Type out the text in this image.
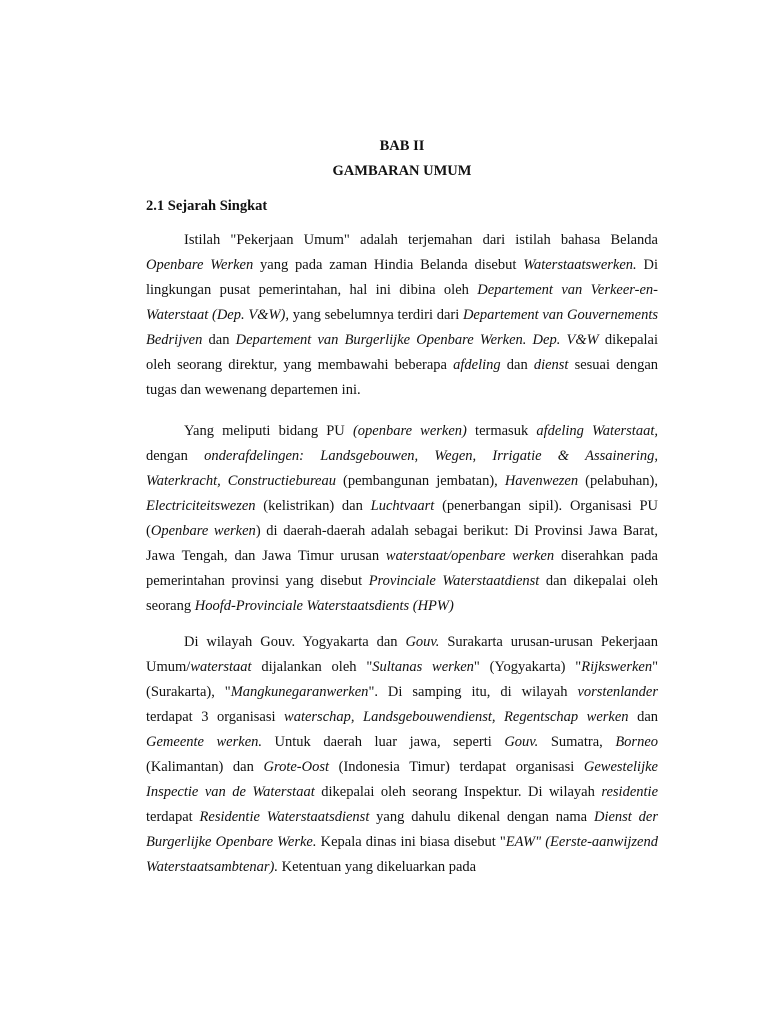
BAB II

GAMBARAN UMUM

2.1 Sejarah Singkat

Istilah "Pekerjaan Umum" adalah terjemahan dari istilah bahasa Belanda Openbare Werken yang pada zaman Hindia Belanda disebut Waterstaatswerken. Di lingkungan pusat pemerintahan, hal ini dibina oleh Departement van Verkeer-en-Waterstaat (Dep. V&W), yang sebelumnya terdiri dari Departement van Gouvernements Bedrijven dan Departement van Burgerlijke Openbare Werken. Dep. V&W dikepalai oleh seorang direktur, yang membawahi beberapa afdeling dan dienst sesuai dengan tugas dan wewenang departemen ini.

Yang meliputi bidang PU (openbare werken) termasuk afdeling Waterstaat, dengan onderafdelingen: Landsgebouwen, Wegen, Irrigatie & Assainering, Waterkracht, Constructiebureau (pembangunan jembatan), Havenwezen (pelabuhan), Electriciteitswezen (kelistrikan) dan Luchtvaart (penerbangan sipil). Organisasi PU (Openbare werken) di daerah-daerah adalah sebagai berikut: Di Provinsi Jawa Barat, Jawa Tengah, dan Jawa Timur urusan waterstaat/openbare werken diserahkan pada pemerintahan provinsi yang disebut Provinciale Waterstaatdienst dan dikepalai oleh seorang Hoofd-Provinciale Waterstaatsdients (HPW)

Di wilayah Gouv. Yogyakarta dan Gouv. Surakarta urusan-urusan Pekerjaan Umum/waterstaat dijalankan oleh "Sultanas werken" (Yogyakarta) "Rijkswerken" (Surakarta), "Mangkunegaranwerken". Di samping itu, di wilayah vorstenlander terdapat 3 organisasi waterschap, Landsgebouwendienst, Regentschap werken dan Gemeente werken. Untuk daerah luar jawa, seperti Gouv. Sumatra, Borneo (Kalimantan) dan Grote-Oost (Indonesia Timur) terdapat organisasi Gewestelijke Inspectie van de Waterstaat dikepalai oleh seorang Inspektur. Di wilayah residentie terdapat Residentie Waterstaatsdienst yang dahulu dikenal dengan nama Dienst der Burgerlijke Openbare Werke. Kepala dinas ini biasa disebut "EAW" (Eerste-aanwijzend Waterstaatsambtenar). Ketentuan yang dikeluarkan pada
